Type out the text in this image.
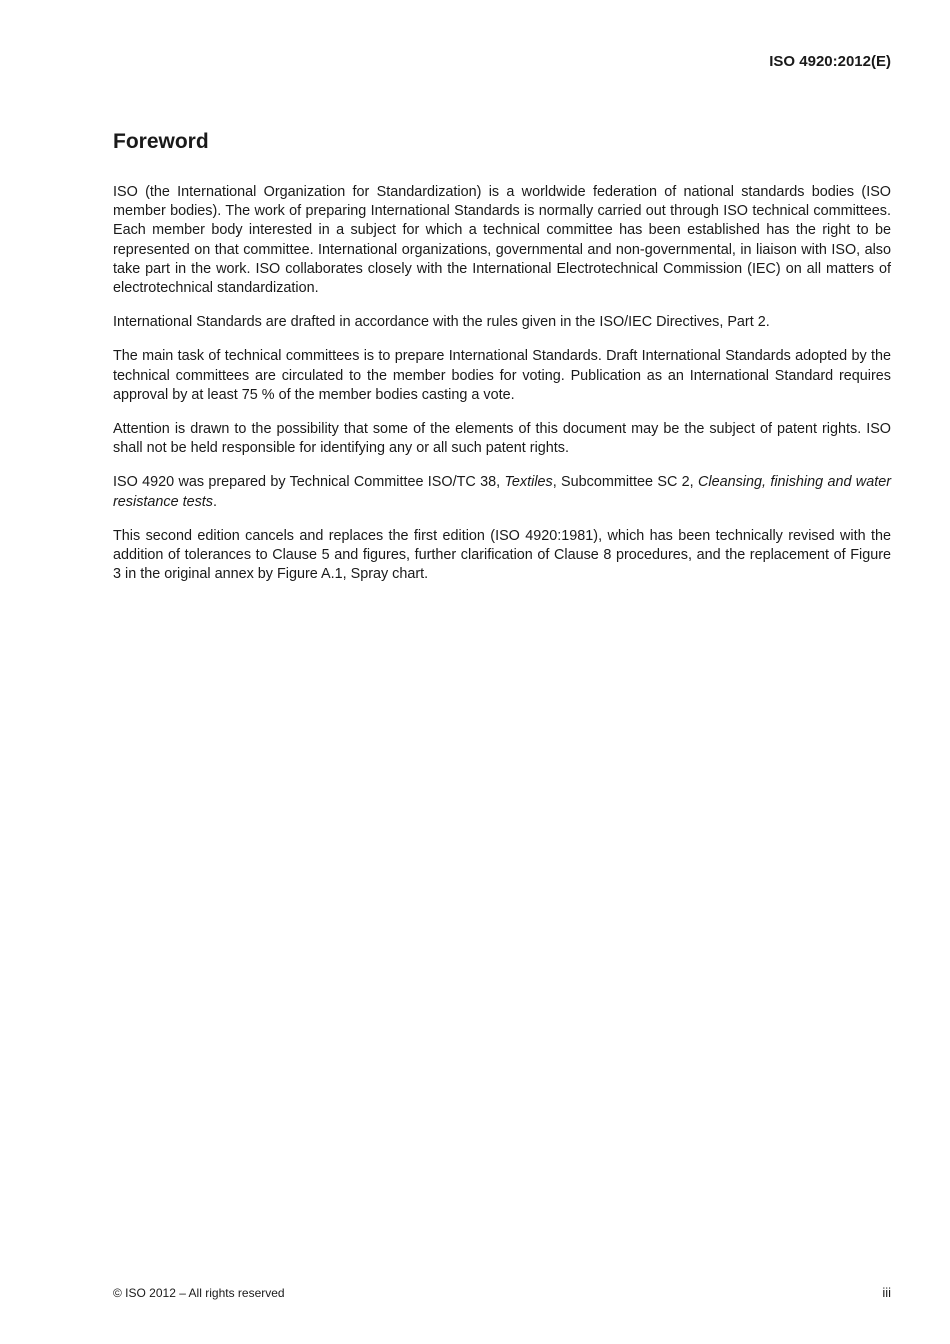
ISO 4920:2012(E)

Foreword

ISO (the International Organization for Standardization) is a worldwide federation of national standards bodies (ISO member bodies). The work of preparing International Standards is normally carried out through ISO technical committees. Each member body interested in a subject for which a technical committee has been established has the right to be represented on that committee. International organizations, governmental and non-governmental, in liaison with ISO, also take part in the work. ISO collaborates closely with the International Electrotechnical Commission (IEC) on all matters of electrotechnical standardization.

International Standards are drafted in accordance with the rules given in the ISO/IEC Directives, Part 2.

The main task of technical committees is to prepare International Standards. Draft International Standards adopted by the technical committees are circulated to the member bodies for voting. Publication as an International Standard requires approval by at least 75 % of the member bodies casting a vote.

Attention is drawn to the possibility that some of the elements of this document may be the subject of patent rights. ISO shall not be held responsible for identifying any or all such patent rights.

ISO 4920 was prepared by Technical Committee ISO/TC 38, Textiles, Subcommittee SC 2, Cleansing, finishing and water resistance tests.

This second edition cancels and replaces the first edition (ISO 4920:1981), which has been technically revised with the addition of tolerances to Clause 5 and figures, further clarification of Clause 8 procedures, and the replacement of Figure 3 in the original annex by Figure A.1, Spray chart.

© ISO 2012 – All rights reserved	iii
